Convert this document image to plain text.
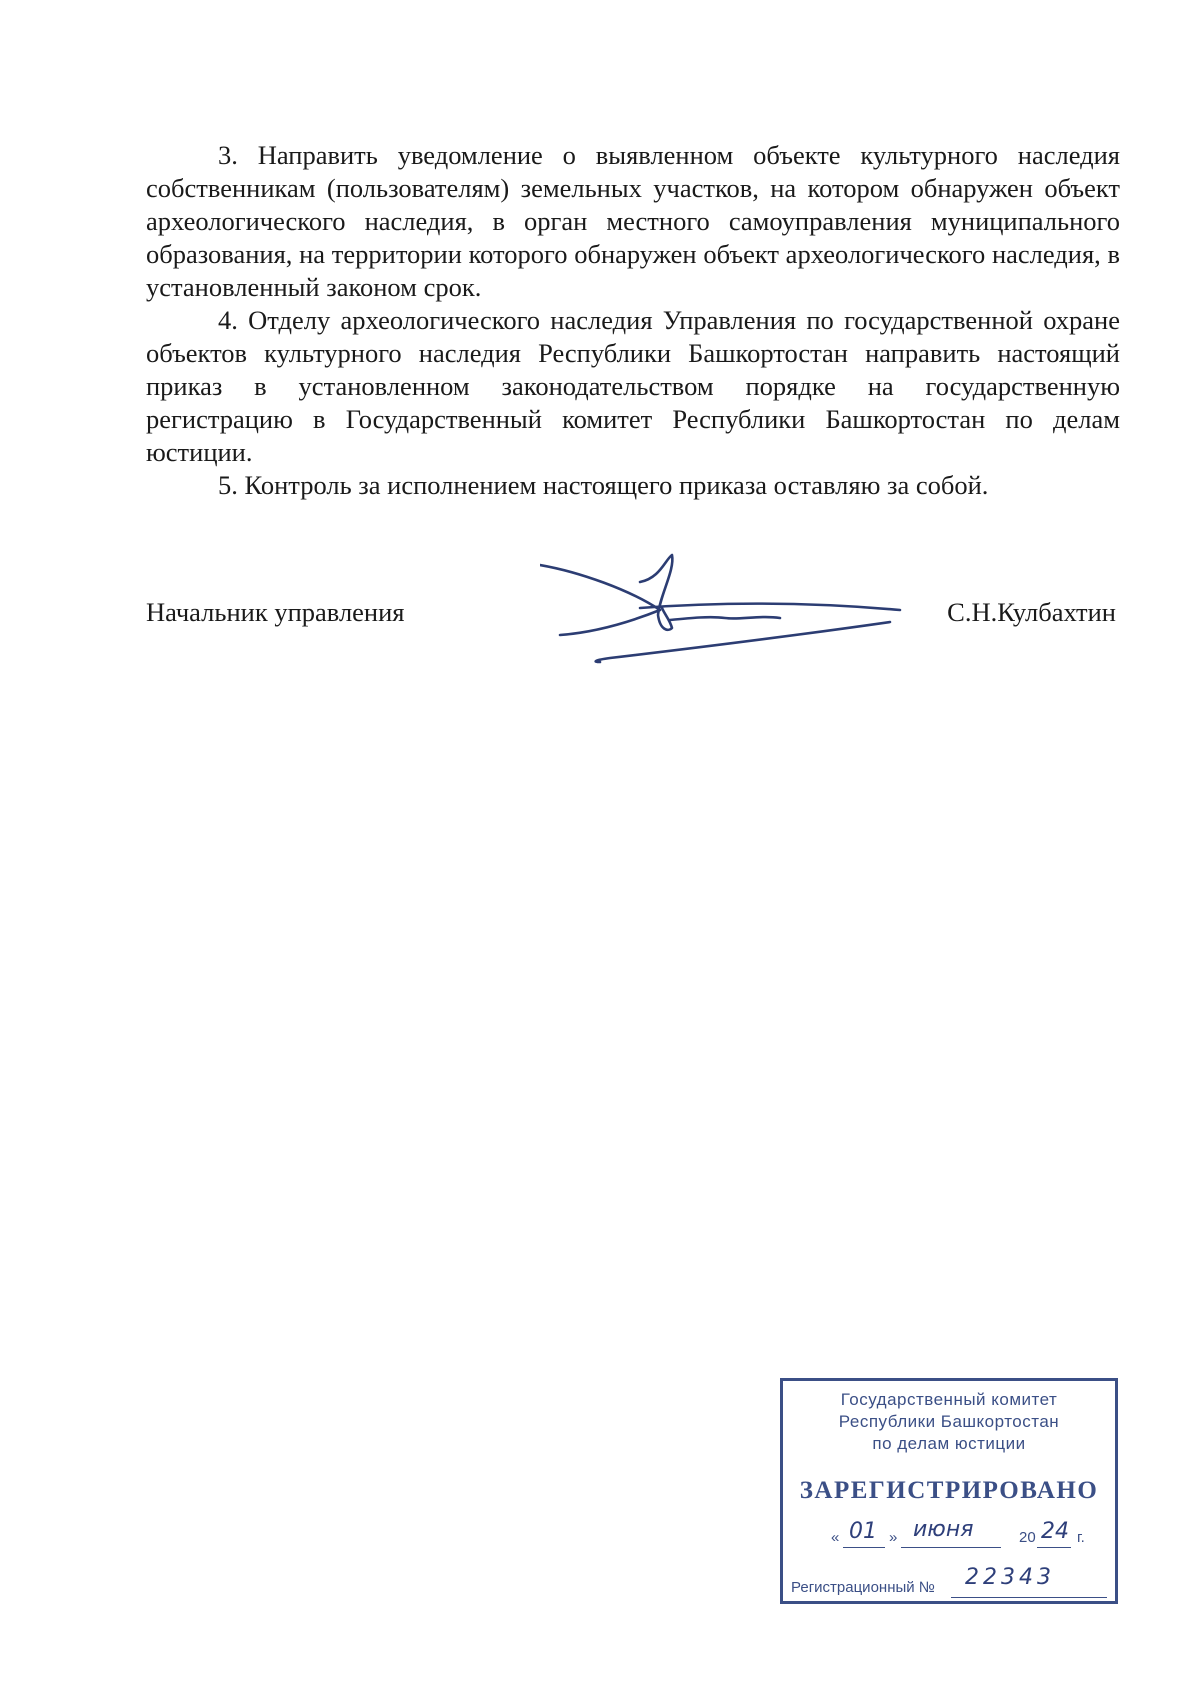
3. Направить уведомление о выявленном объекте культурного наследия собственникам (пользователям) земельных участков, на котором обнаружен объект археологического наследия, в орган местного самоуправления муниципального образования, на территории которого обнаружен объект археологического наследия, в установленный законом срок.

4. Отделу археологического наследия Управления по государственной охране объектов культурного наследия Республики Башкортостан направить настоящий приказ в установленном законодательством порядке на государственную регистрацию в Государственный комитет Республики Башкортостан по делам юстиции.

5. Контроль за исполнением настоящего приказа оставляю за собой.

Начальник управления	С.Н.Кулбахтин
Государственный комитет
Республики Башкортостан
по делам юстиции
ЗАРЕГИСТРИРОВАНО
« 01 » июня	20 24 г.
Регистрационный № 22343
